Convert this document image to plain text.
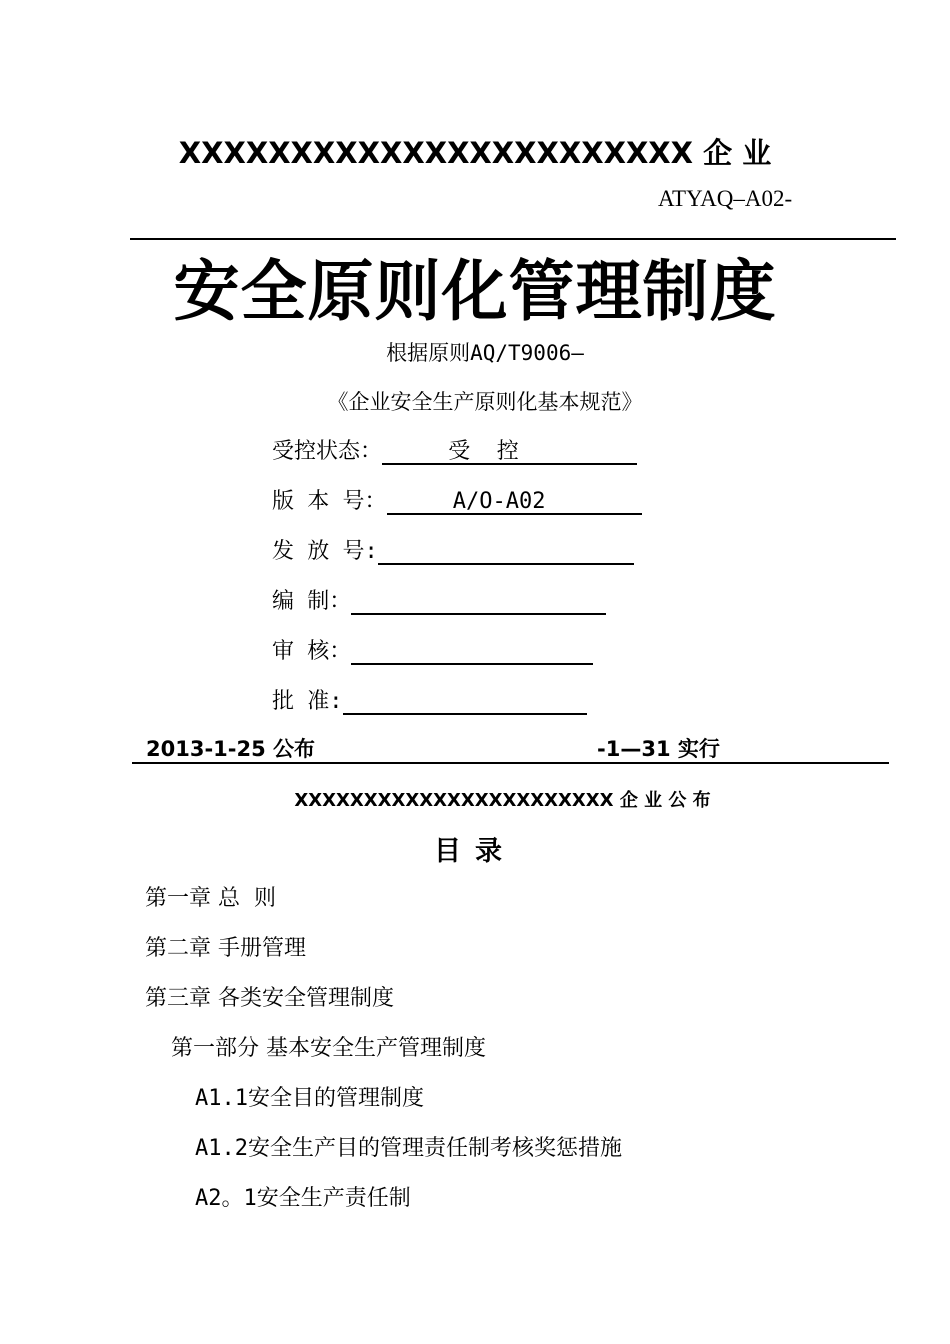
XXXXXXXXXXXXXXXXXXXXXXX 企 业
ATYAQ–A02-
安全原则化管理制度
根据原则AQ/T9006—
《企业安全生产原则化基本规范》
受控状态： 受  控
版 本 号： A/O-A02
发 放 号:
编 制：
审 核：
批 准:
2013-1-25 公布	-1—31 实行
XXXXXXXXXXXXXXXXXXXXXXX 企 业 公 布
目录
第一章 总  则
第二章 手册管理
第三章 各类安全管理制度
第一部分 基本安全生产管理制度
A1.1安全目的管理制度
A1.2安全生产目的管理责任制考核奖惩措施
A2。1安全生产责任制
